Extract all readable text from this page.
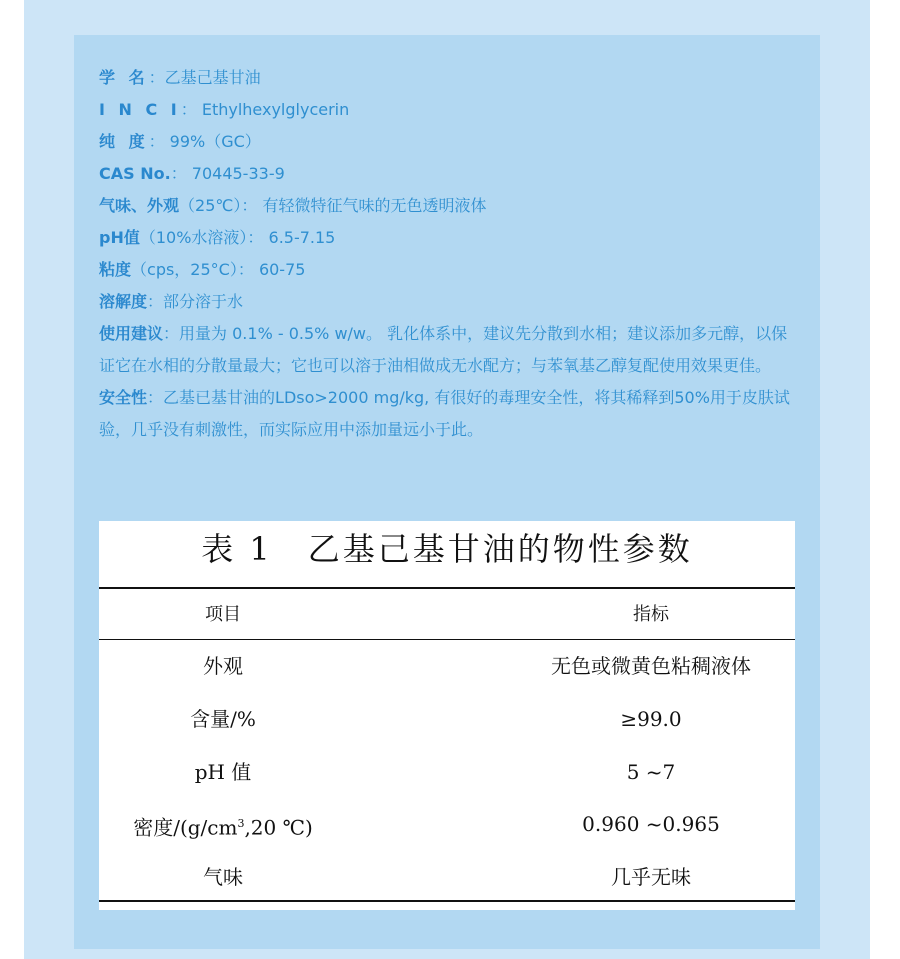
学 名：乙基己基甘油
I N C I： Ethylhexylglycerin
纯 度： 99%（GC）
CAS No.： 70445-33-9
气味、外观（25℃）： 有轻微特征气味的无色透明液体
pH值（10%水溶液）： 6.5-7.15
粘度（cps，25°C）： 60-75
溶解度：部分溶于水
使用建议：用量为 0.1% - 0.5% w/w。 乳化体系中，建议先分散到水相；建议添加多元醇，以保证它在水相的分散量最大；它也可以溶于油相做成无水配方；与苯氧基乙醇复配使用效果更佳。
安全性：乙基已基甘油的LDso>2000 mg/kg, 有很好的毒理安全性，将其稀释到50%用于皮肤试验，几乎没有刺激性，而实际应用中添加量远小于此。
表 1　乙基己基甘油的物性参数
项目	指标
外观	无色或微黄色粘稠液体
含量/%	≥99.0
pH 值	5 ~7
密度$/(g/cm^3,20$ ℃)	0.960 ~0.965
气味	几乎无味
